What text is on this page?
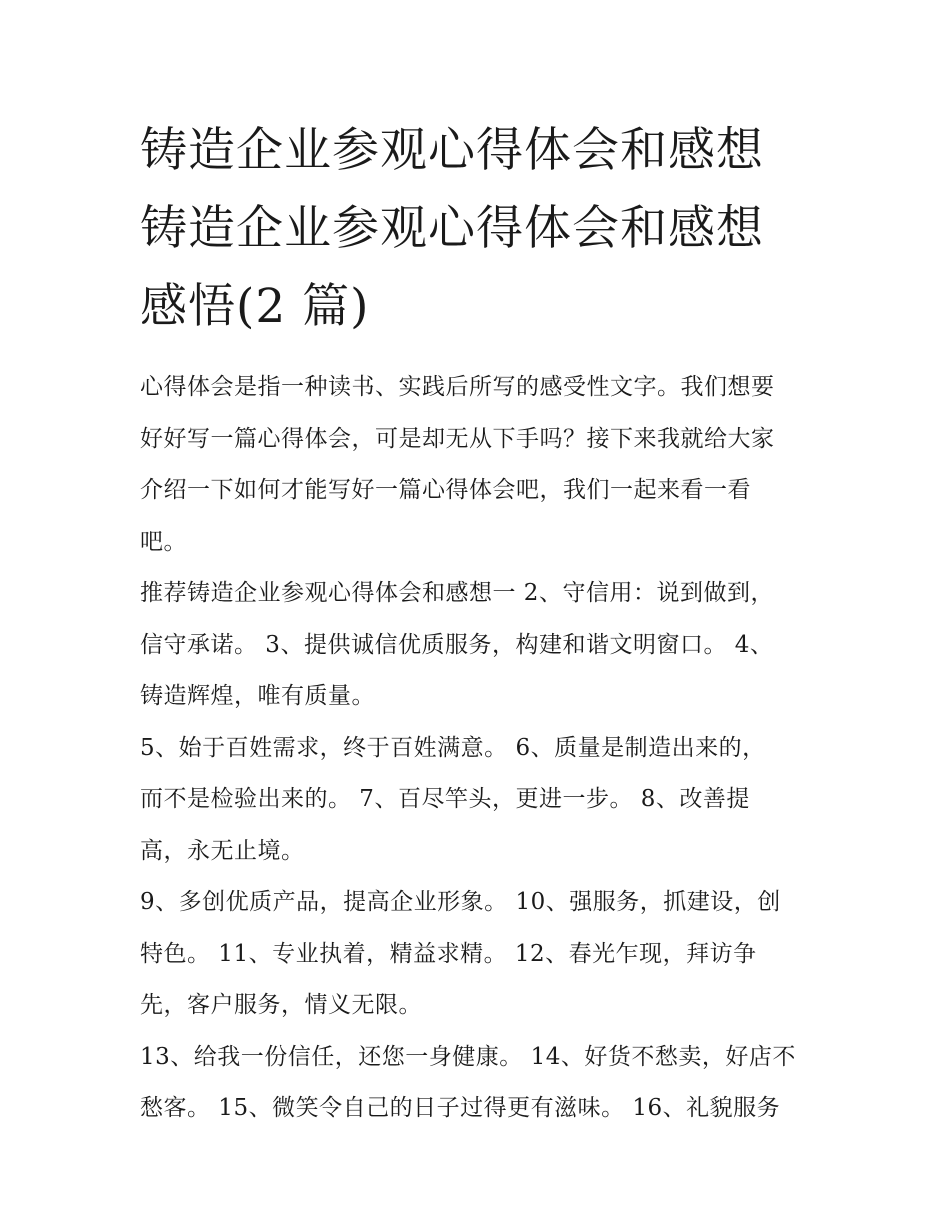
铸造企业参观心得体会和感想
铸造企业参观心得体会和感想
感悟(2 篇)
心得体会是指一种读书、实践后所写的感受性文字。我们想要
好好写一篇心得体会，可是却无从下手吗？接下来我就给大家
介绍一下如何才能写好一篇心得体会吧，我们一起来看一看
吧。
推荐铸造企业参观心得体会和感想一 2、守信用：说到做到，
信守承诺。 3、提供诚信优质服务，构建和谐文明窗口。 4、
铸造辉煌，唯有质量。
5、始于百姓需求，终于百姓满意。 6、质量是制造出来的，
而不是检验出来的。 7、百尽竿头，更进一步。 8、改善提
高，永无止境。
9、多创优质产品，提高企业形象。 10、强服务，抓建设，创
特色。 11、专业执着，精益求精。 12、春光乍现，拜访争
先，客户服务，情义无限。
13、给我一份信任，还您一身健康。 14、好货不愁卖，好店不
愁客。 15、微笑令自己的日子过得更有滋味。 16、礼貌服务
